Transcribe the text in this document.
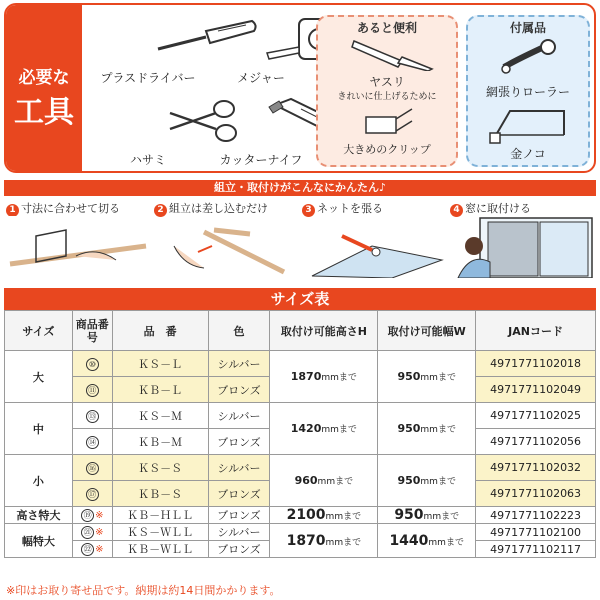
必要な
工具
プラスドライバー	メジャー
ハサミ	カッターナイフ
あると便利
ヤスリ
きれいに仕上げるために
大きめのクリップ
付属品
網張りローラー
金ノコ
組立・取付けがこんなにかんたん♪
1 寸法に合わせて切る	2 組立は差し込むだけ	3 ネットを張る	4 窓に取付ける
サイズ表
サイズ	商品番号	品　番	色	取付け可能高さH	取付け可能幅W	JANコード
大	⑩	ＫＳ－Ｌ	シルバー	1870mmまで	950mmまで	4971771102018
	⑪	ＫＢ－Ｌ	ブロンズ			4971771102049
中	⑬	ＫＳ－Ｍ	シルバー	1420mmまで	950mmまで	4971771102025
	⑭	ＫＢ－Ｍ	ブロンズ			4971771102056
小	⑯	ＫＳ－Ｓ	シルバー	960mmまで	950mmまで	4971771102032
	⑰	ＫＢ－Ｓ	ブロンズ			4971771102063
高さ特大	⑲ ※	ＫＢ－ＨＬＬ	ブロンズ	2100mmまで	950mmまで	4971771102223
幅特大	㉑ ※	ＫＳ－ＷＬＬ	シルバー	1870mmまで	1440mmまで	4971771102100
	㉒ ※	ＫＢ－ＷＬＬ	ブロンズ			4971771102117
※印はお取り寄せ品です。納期は約14日間かかります。
